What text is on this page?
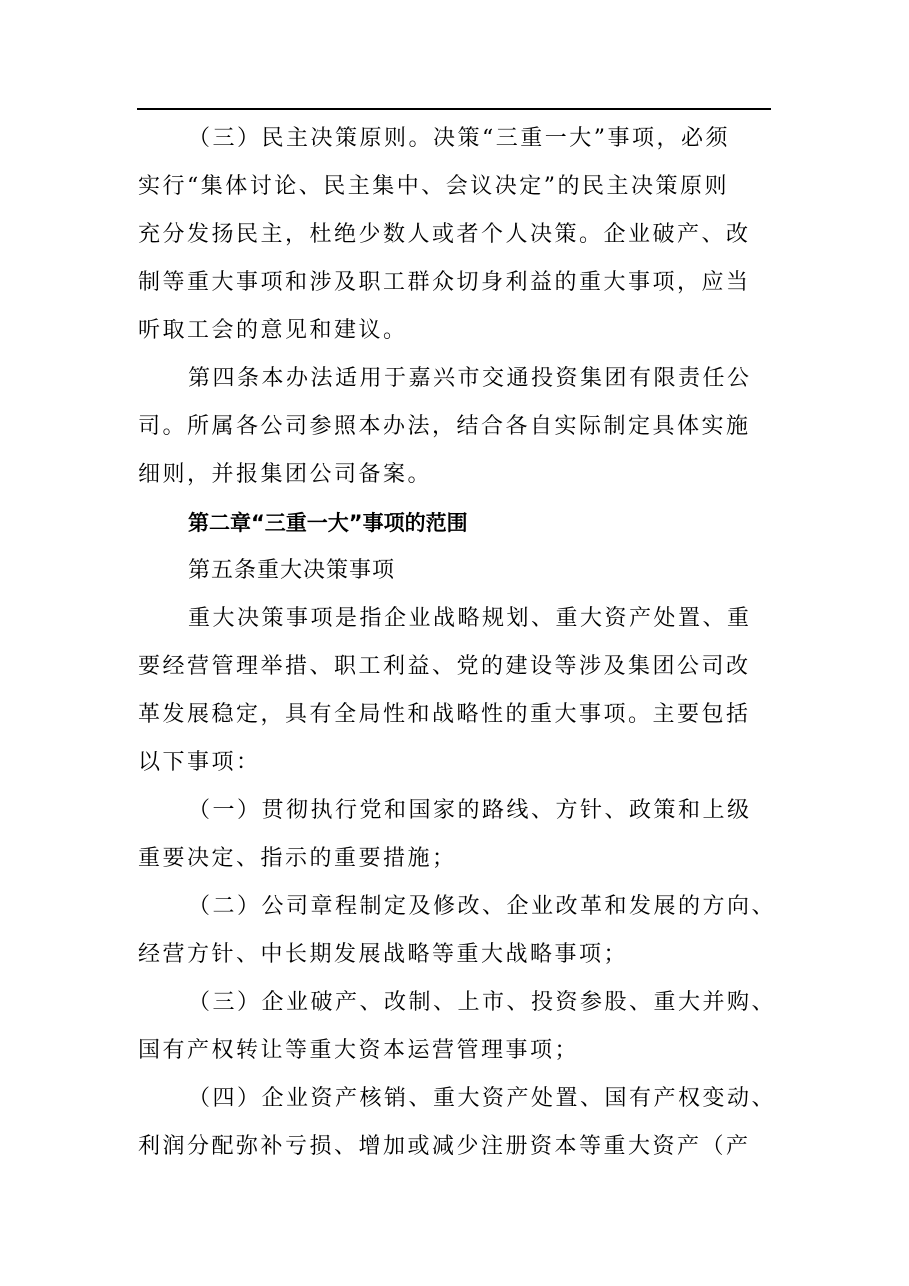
（三）民主决策原则。决策“三重一大”事项，必须
实行“集体讨论、民主集中、会议决定”的民主决策原则
充分发扬民主，杜绝少数人或者个人决策。企业破产、改
制等重大事项和涉及职工群众切身利益的重大事项，应当
听取工会的意见和建议。
第四条本办法适用于嘉兴市交通投资集团有限责任公
司。所属各公司参照本办法，结合各自实际制定具体实施
细则，并报集团公司备案。
第二章“三重一大”事项的范围
第五条重大决策事项
重大决策事项是指企业战略规划、重大资产处置、重
要经营管理举措、职工利益、党的建设等涉及集团公司改
革发展稳定，具有全局性和战略性的重大事项。主要包括
以下事项：
（一）贯彻执行党和国家的路线、方针、政策和上级
重要决定、指示的重要措施；
（二）公司章程制定及修改、企业改革和发展的方向、
经营方针、中长期发展战略等重大战略事项；
（三）企业破产、改制、上市、投资参股、重大并购、
国有产权转让等重大资本运营管理事项；
（四）企业资产核销、重大资产处置、国有产权变动、
利润分配弥补亏损、增加或减少注册资本等重大资产（产
